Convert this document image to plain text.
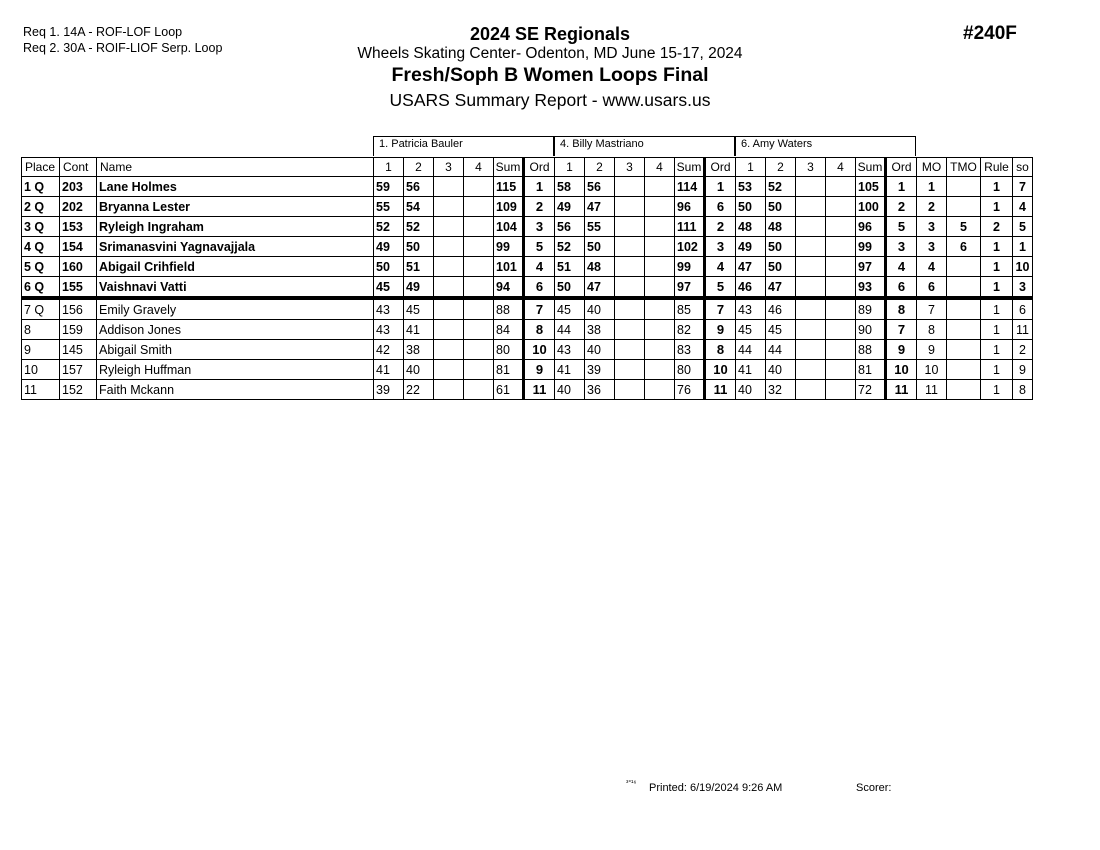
Req 1. 14A - ROF-LOF Loop
Req 2. 30A - ROIF-LIOF Serp. Loop
2024 SE Regionals
Wheels Skating Center- Odenton, MD June 15-17, 2024
Fresh/Soph B Women Loops Final
USARS Summary Report - www.usars.us
#240F
1. Patricia Bauler	4. Billy Mastriano	6. Amy Waters
Place	Cont	Name	1	2	3	4	Sum	Ord	1	2	3	4	Sum	Ord	1	2	3	4	Sum	Ord	MO	TMO	Rule	so
1 Q	203	Lane Holmes	59	56			115	1	58	56			114	1	53	52			105	1	1		1	7
2 Q	202	Bryanna Lester	55	54			109	2	49	47			96	6	50	50			100	2	2		1	4
3 Q	153	Ryleigh Ingraham	52	52			104	3	56	55			111	2	48	48			96	5	3	5	2	5
4 Q	154	Srimanasvini Yagnavajjala	49	50			99	5	52	50			102	3	49	50			99	3	3	6	1	1
5 Q	160	Abigail Crihfield	50	51			101	4	51	48			99	4	47	50			97	4	4		1	10
6 Q	155	Vaishnavi Vatti	45	49			94	6	50	47			97	5	46	47			93	6	6		1	3
7 Q	156	Emily Gravely	43	45			88	7	45	40			85	7	43	46			89	8	7		1	6
8	159	Addison Jones	43	41			84	8	44	38			82	9	45	45			90	7	8		1	11
9	145	Abigail Smith	42	38			80	10	43	40			83	8	44	44			88	9	9		1	2
10	157	Ryleigh Huffman	41	40			81	9	41	39			80	10	41	40			81	10	10		1	9
11	152	Faith Mckann	39	22			61	11	40	36			76	11	40	32			72	11	11		1	8
³°¹⁶ Printed: 6/19/2024 9:26 AM	Scorer:
